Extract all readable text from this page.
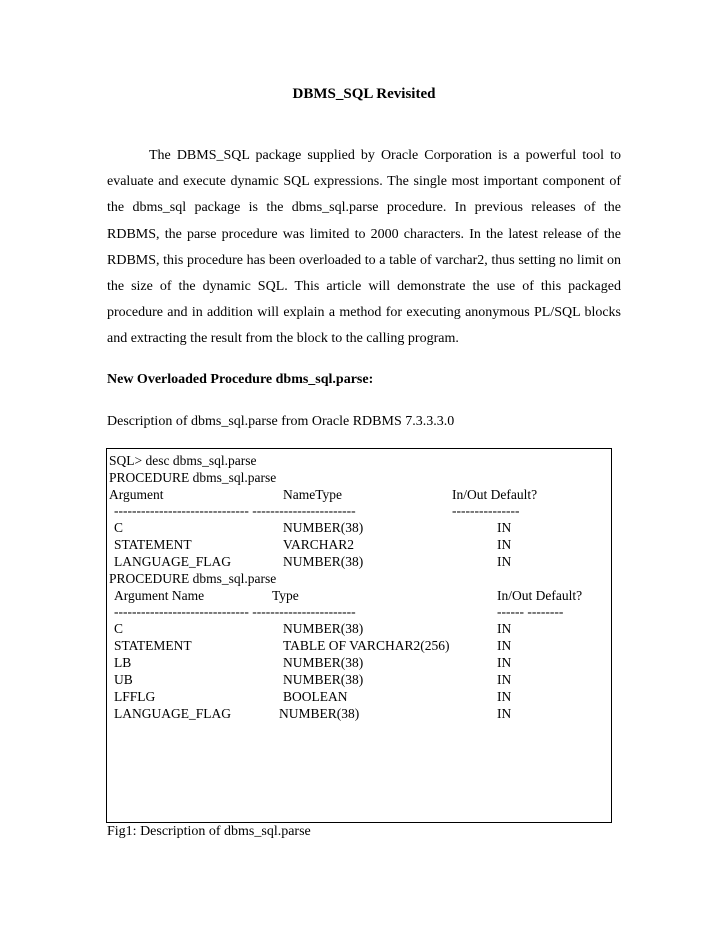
DBMS_SQL Revisited

The DBMS_SQL package supplied by Oracle Corporation is a powerful tool to evaluate and execute dynamic SQL expressions. The single most important component of the dbms_sql package is the dbms_sql.parse procedure. In previous releases of the RDBMS, the parse procedure was limited to 2000 characters. In the latest release of the RDBMS, this procedure has been overloaded to a table of varchar2, thus setting no limit on the size of the dynamic SQL. This article will demonstrate the use of this packaged procedure and in addition will explain a method for executing anonymous PL/SQL blocks and extracting the result from the block to the calling program.

New Overloaded Procedure dbms_sql.parse:
Description of dbms_sql.parse from Oracle RDBMS 7.3.3.3.0
SQL> desc dbms_sql.parse
PROCEDURE dbms_sql.parse
Argument	NameType	In/Out Default?
------------------------------ -----------------------	---------------
C	NUMBER(38)	IN
STATEMENT	VARCHAR2	IN
LANGUAGE_FLAG	NUMBER(38)	IN
PROCEDURE dbms_sql.parse
Argument Name	Type	In/Out Default?
------------------------------ -----------------------	------ --------
C	NUMBER(38)	IN
STATEMENT	TABLE OF VARCHAR2(256)	IN
LB	NUMBER(38)	IN
UB	NUMBER(38)	IN
LFFLG	BOOLEAN	IN
LANGUAGE_FLAG	NUMBER(38)	IN
Fig1: Description of dbms_sql.parse
